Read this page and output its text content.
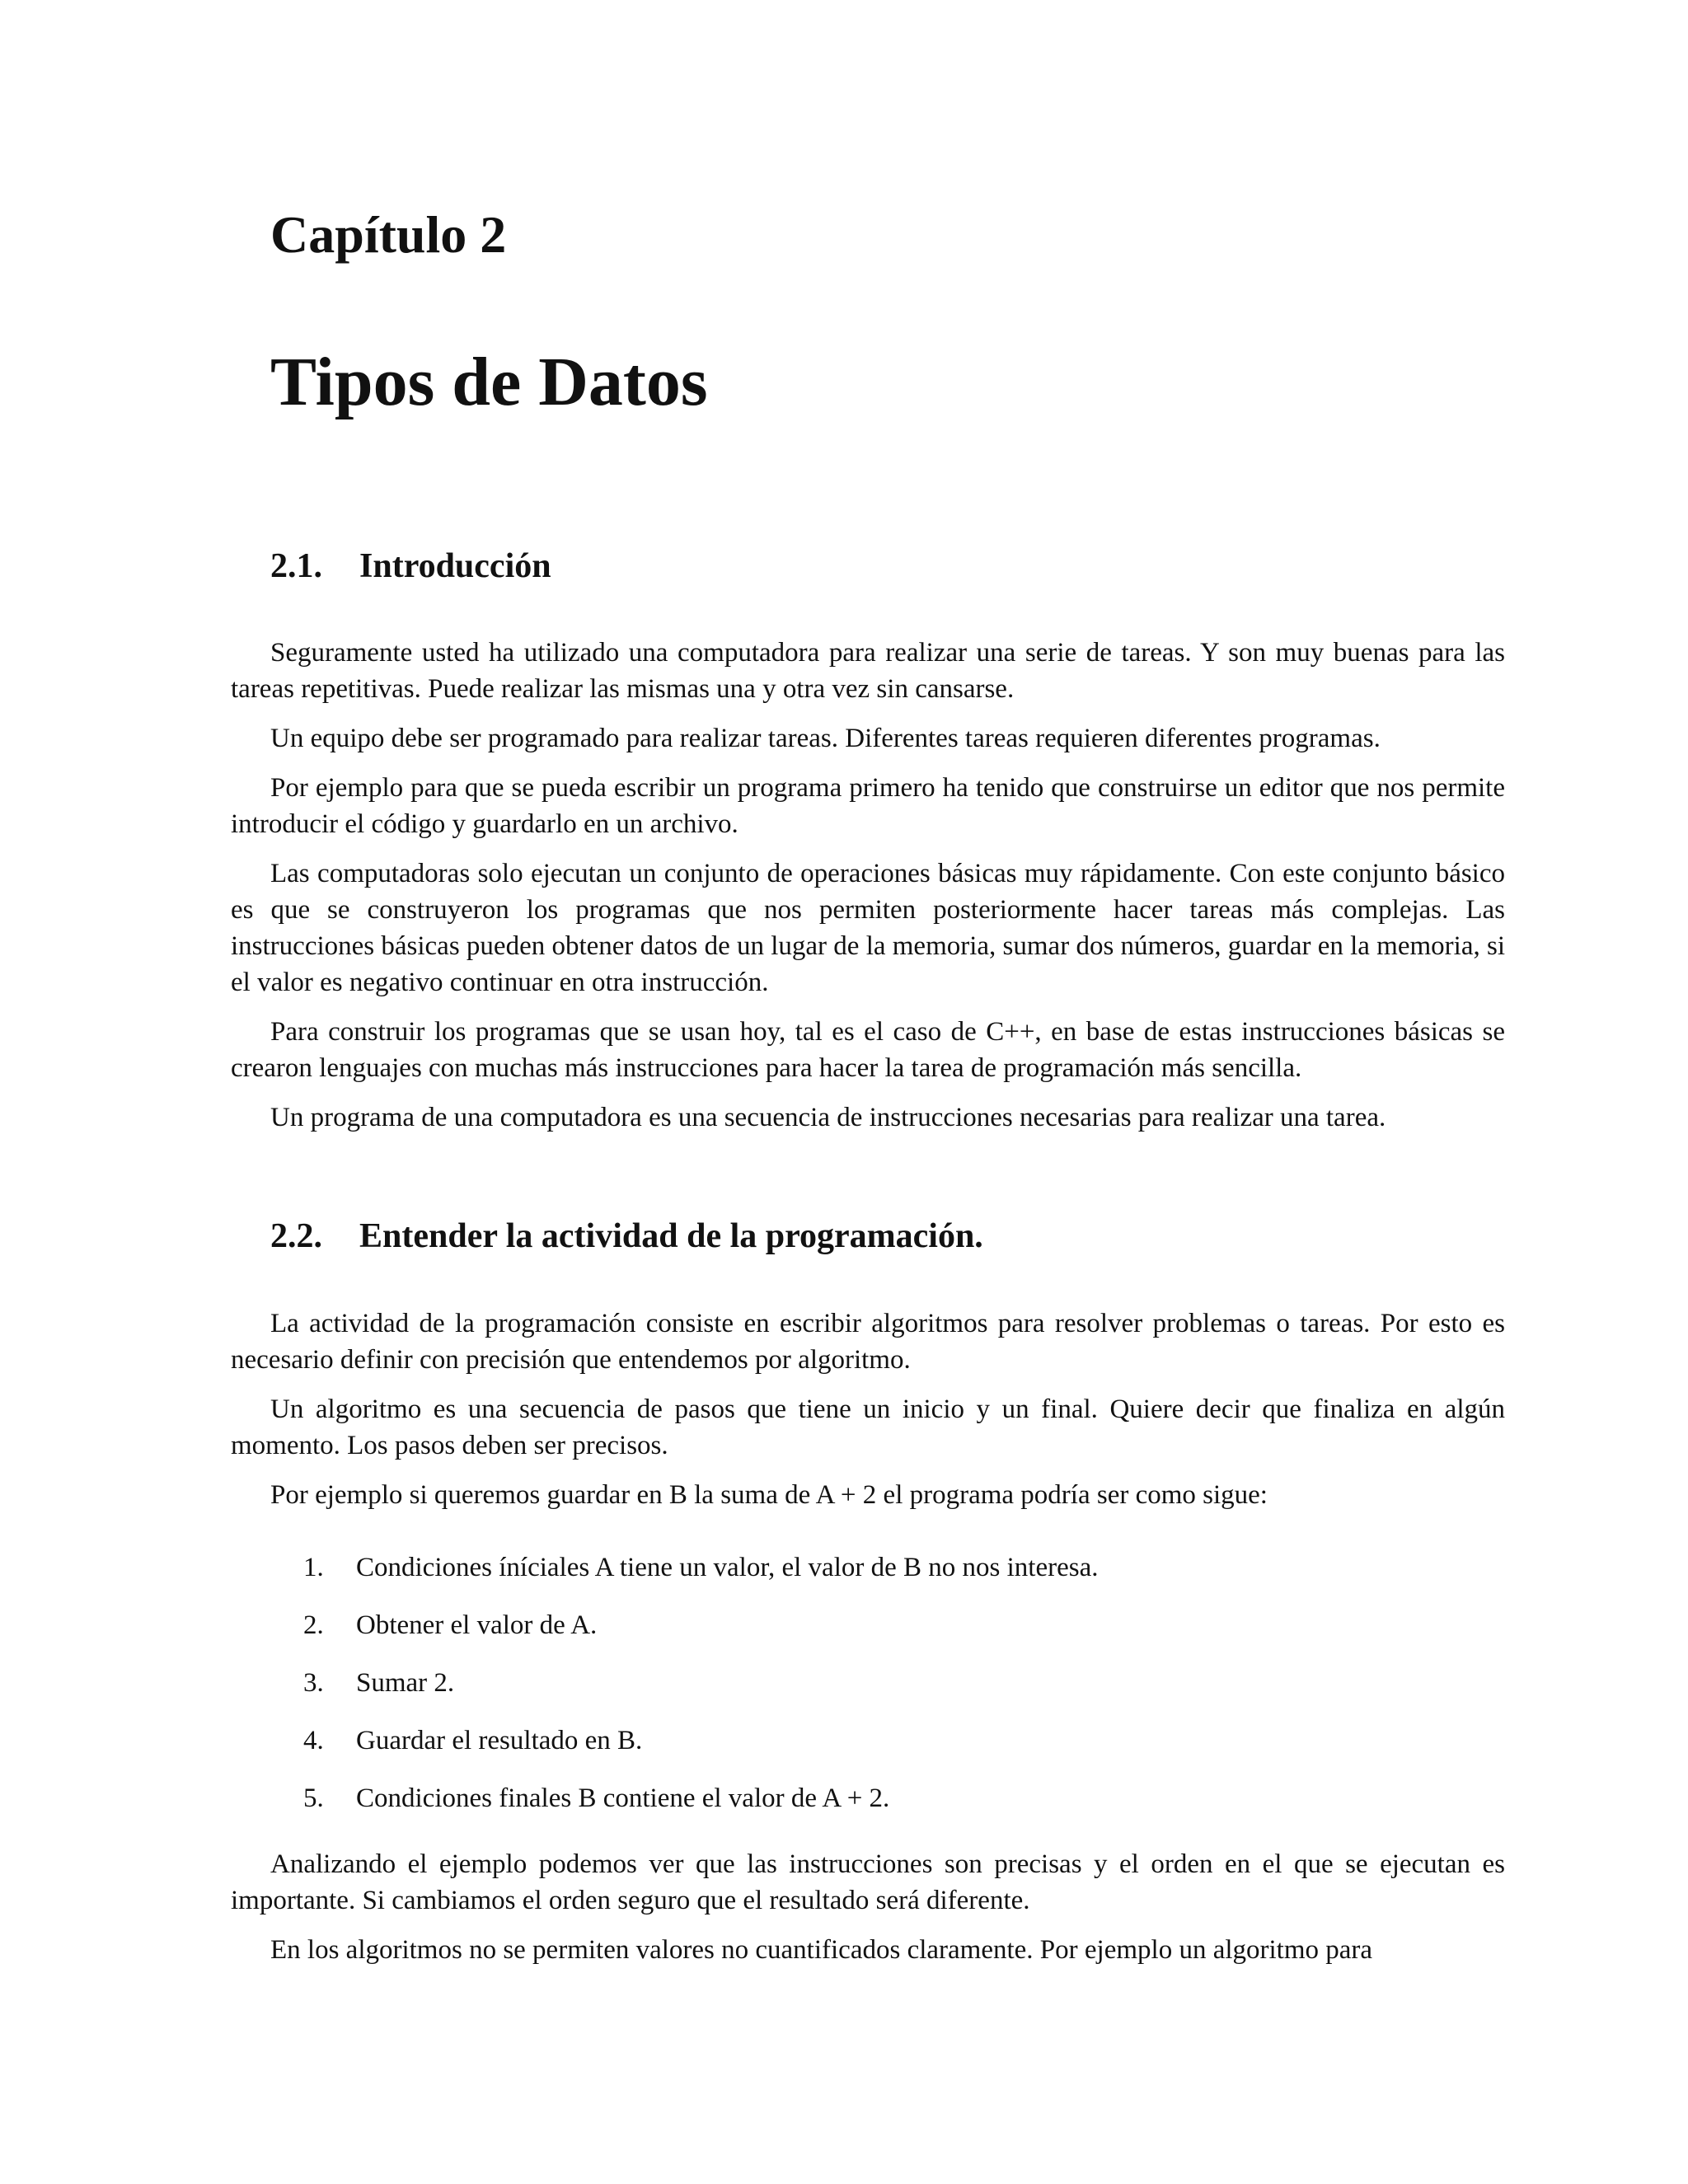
Capítulo 2
Tipos de Datos
2.1. Introducción

Seguramente usted ha utilizado una computadora para realizar una serie de tareas. Y son muy buenas para las tareas repetitivas. Puede realizar las mismas una y otra vez sin cansarse.

Un equipo debe ser programado para realizar tareas. Diferentes tareas requieren diferentes programas.

Por ejemplo para que se pueda escribir un programa primero ha tenido que construirse un editor que nos permite introducir el código y guardarlo en un archivo.

Las computadoras solo ejecutan un conjunto de operaciones básicas muy rápidamente. Con este conjunto básico es que se construyeron los programas que nos permiten posteriormente hacer tareas más complejas. Las instrucciones básicas pueden obtener datos de un lugar de la memoria, sumar dos números, guardar en la memoria, si el valor es negativo continuar en otra instrucción.

Para construir los programas que se usan hoy, tal es el caso de C++, en base de estas instrucciones básicas se crearon lenguajes con muchas más instrucciones para hacer la tarea de programación más sencilla.

Un programa de una computadora es una secuencia de instrucciones necesarias para realizar una tarea.

2.2. Entender la actividad de la programación.

La actividad de la programación consiste en escribir algoritmos para resolver problemas o tareas. Por esto es necesario definir con precisión que entendemos por algoritmo.

Un algoritmo es una secuencia de pasos que tiene un inicio y un final. Quiere decir que finaliza en algún momento. Los pasos deben ser precisos.

Por ejemplo si queremos guardar en B la suma de A + 2 el programa podría ser como sigue:

1.	Condiciones íníciales A tiene un valor, el valor de B no nos interesa.
2.	Obtener el valor de A.
3.	Sumar 2.
4.	Guardar el resultado en B.
5.	Condiciones finales B contiene el valor de A + 2.

Analizando el ejemplo podemos ver que las instrucciones son precisas y el orden en el que se ejecutan es importante. Si cambiamos el orden seguro que el resultado será diferente.

En los algoritmos no se permiten valores no cuantificados claramente. Por ejemplo un algoritmo para
